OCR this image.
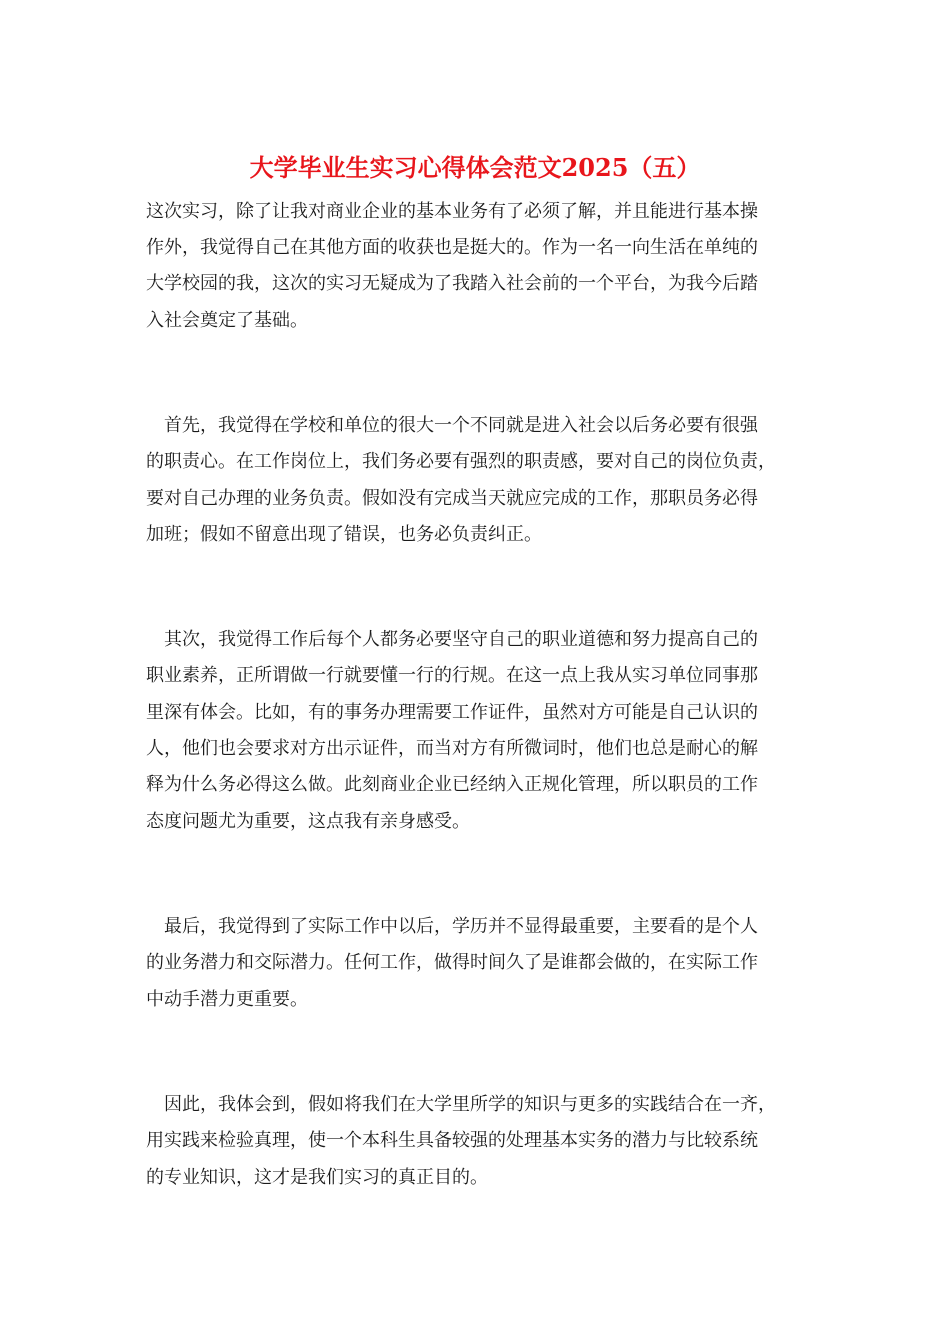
大学毕业生实习心得体会范文2025（五）

这次实习，除了让我对商业企业的基本业务有了必须了解，并且能进行基本操

作外，我觉得自己在其他方面的收获也是挺大的。作为一名一向生活在单纯的

大学校园的我，这次的实习无疑成为了我踏入社会前的一个平台，为我今后踏

入社会奠定了基础。

　首先，我觉得在学校和单位的很大一个不同就是进入社会以后务必要有很强

的职责心。在工作岗位上，我们务必要有强烈的职责感，要对自己的岗位负责，

要对自己办理的业务负责。假如没有完成当天就应完成的工作，那职员务必得

加班；假如不留意出现了错误，也务必负责纠正。

　其次，我觉得工作后每个人都务必要坚守自己的职业道德和努力提高自己的

职业素养，正所谓做一行就要懂一行的行规。在这一点上我从实习单位同事那

里深有体会。比如，有的事务办理需要工作证件，虽然对方可能是自己认识的

人，他们也会要求对方出示证件，而当对方有所微词时，他们也总是耐心的解

释为什么务必得这么做。此刻商业企业已经纳入正规化管理，所以职员的工作

态度问题尤为重要，这点我有亲身感受。

　最后，我觉得到了实际工作中以后，学历并不显得最重要，主要看的是个人

的业务潜力和交际潜力。任何工作，做得时间久了是谁都会做的，在实际工作

中动手潜力更重要。

　因此，我体会到，假如将我们在大学里所学的知识与更多的实践结合在一齐，

用实践来检验真理，使一个本科生具备较强的处理基本实务的潜力与比较系统

的专业知识，这才是我们实习的真正目的。
